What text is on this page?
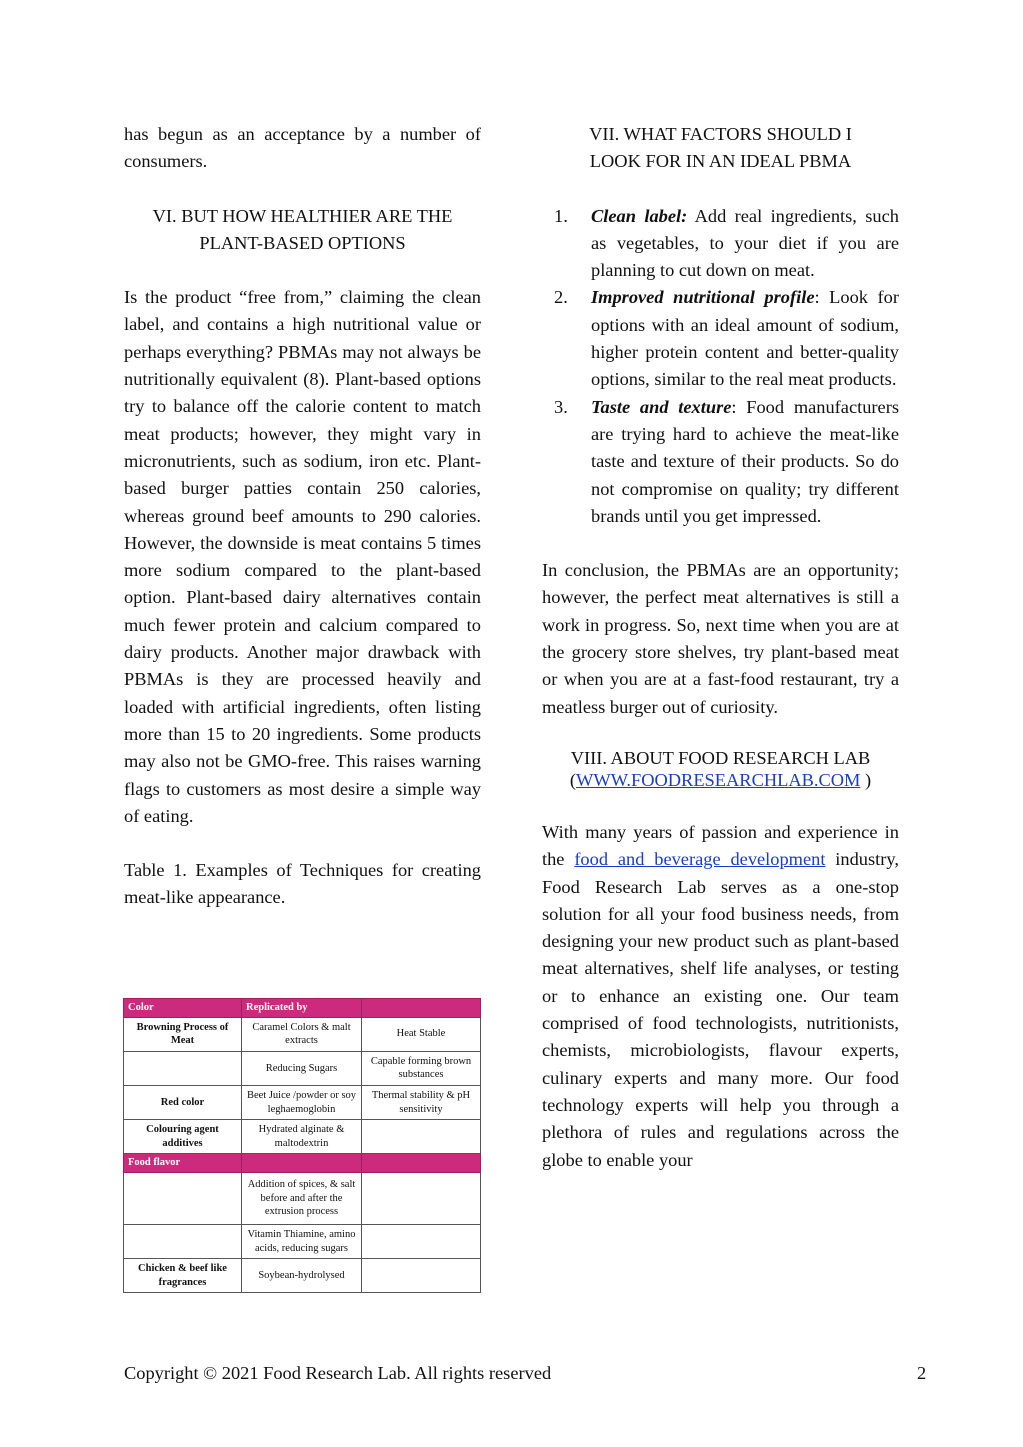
has begun as an acceptance by a number of consumers.

VI. BUT HOW HEALTHIER ARE THE
PLANT-BASED OPTIONS

Is the product “free from,” claiming the clean label, and contains a high nutritional value or perhaps everything? PBMAs may not always be nutritionally equivalent (8). Plant-based options try to balance off the calorie content to match meat products; however, they might vary in micronutrients, such as sodium, iron etc. Plant-based burger patties contain 250 calories, whereas ground beef amounts to 290 calories. However, the downside is meat contains 5 times more sodium compared to the plant-based option. Plant-based dairy alternatives contain much fewer protein and calcium compared to dairy products. Another major drawback with PBMAs is they are processed heavily and loaded with artificial ingredients, often listing more than 15 to 20 ingredients. Some products may also not be GMO-free. This raises warning flags to customers as most desire a simple way of eating.

Table 1. Examples of Techniques for creating meat-like appearance.

Color	Replicated by	
Browning Process of Meat	Caramel Colors & malt extracts	Heat Stable
	Reducing Sugars	Capable forming brown substances
Red color	Beet Juice /powder or soy leghaemoglobin	Thermal stability & pH sensitivity
Colouring agent additives	Hydrated alginate & maltodextrin	
Food flavor		
	Addition of spices, & salt before and after the extrusion process	
	Vitamin Thiamine, amino acids, reducing sugars	
Chicken & beef like fragrances	Soybean-hydrolysed	

VII. WHAT FACTORS SHOULD I
LOOK FOR IN AN IDEAL PBMA

1. Clean label: Add real ingredients, such as vegetables, to your diet if you are planning to cut down on meat.
2. Improved nutritional profile: Look for options with an ideal amount of sodium, higher protein content and better-quality options, similar to the real meat products.
3. Taste and texture: Food manufacturers are trying hard to achieve the meat-like taste and texture of their products. So do not compromise on quality; try different brands until you get impressed.

In conclusion, the PBMAs are an opportunity; however, the perfect meat alternatives is still a work in progress. So, next time when you are at the grocery store shelves, try plant-based meat or when you are at a fast-food restaurant, try a meatless burger out of curiosity.

VIII. ABOUT FOOD RESEARCH LAB
(WWW.FOODRESEARCHLAB.COM )

With many years of passion and experience in the food and beverage development industry, Food Research Lab serves as a one-stop solution for all your food business needs, from designing your new product such as plant-based meat alternatives, shelf life analyses, or testing or to enhance an existing one. Our team comprised of food technologists, nutritionists, chemists, microbiologists, flavour experts, culinary experts and many more. Our food technology experts will help you through a plethora of rules and regulations across the globe to enable your

Copyright © 2021 Food Research Lab. All rights reserved	2
